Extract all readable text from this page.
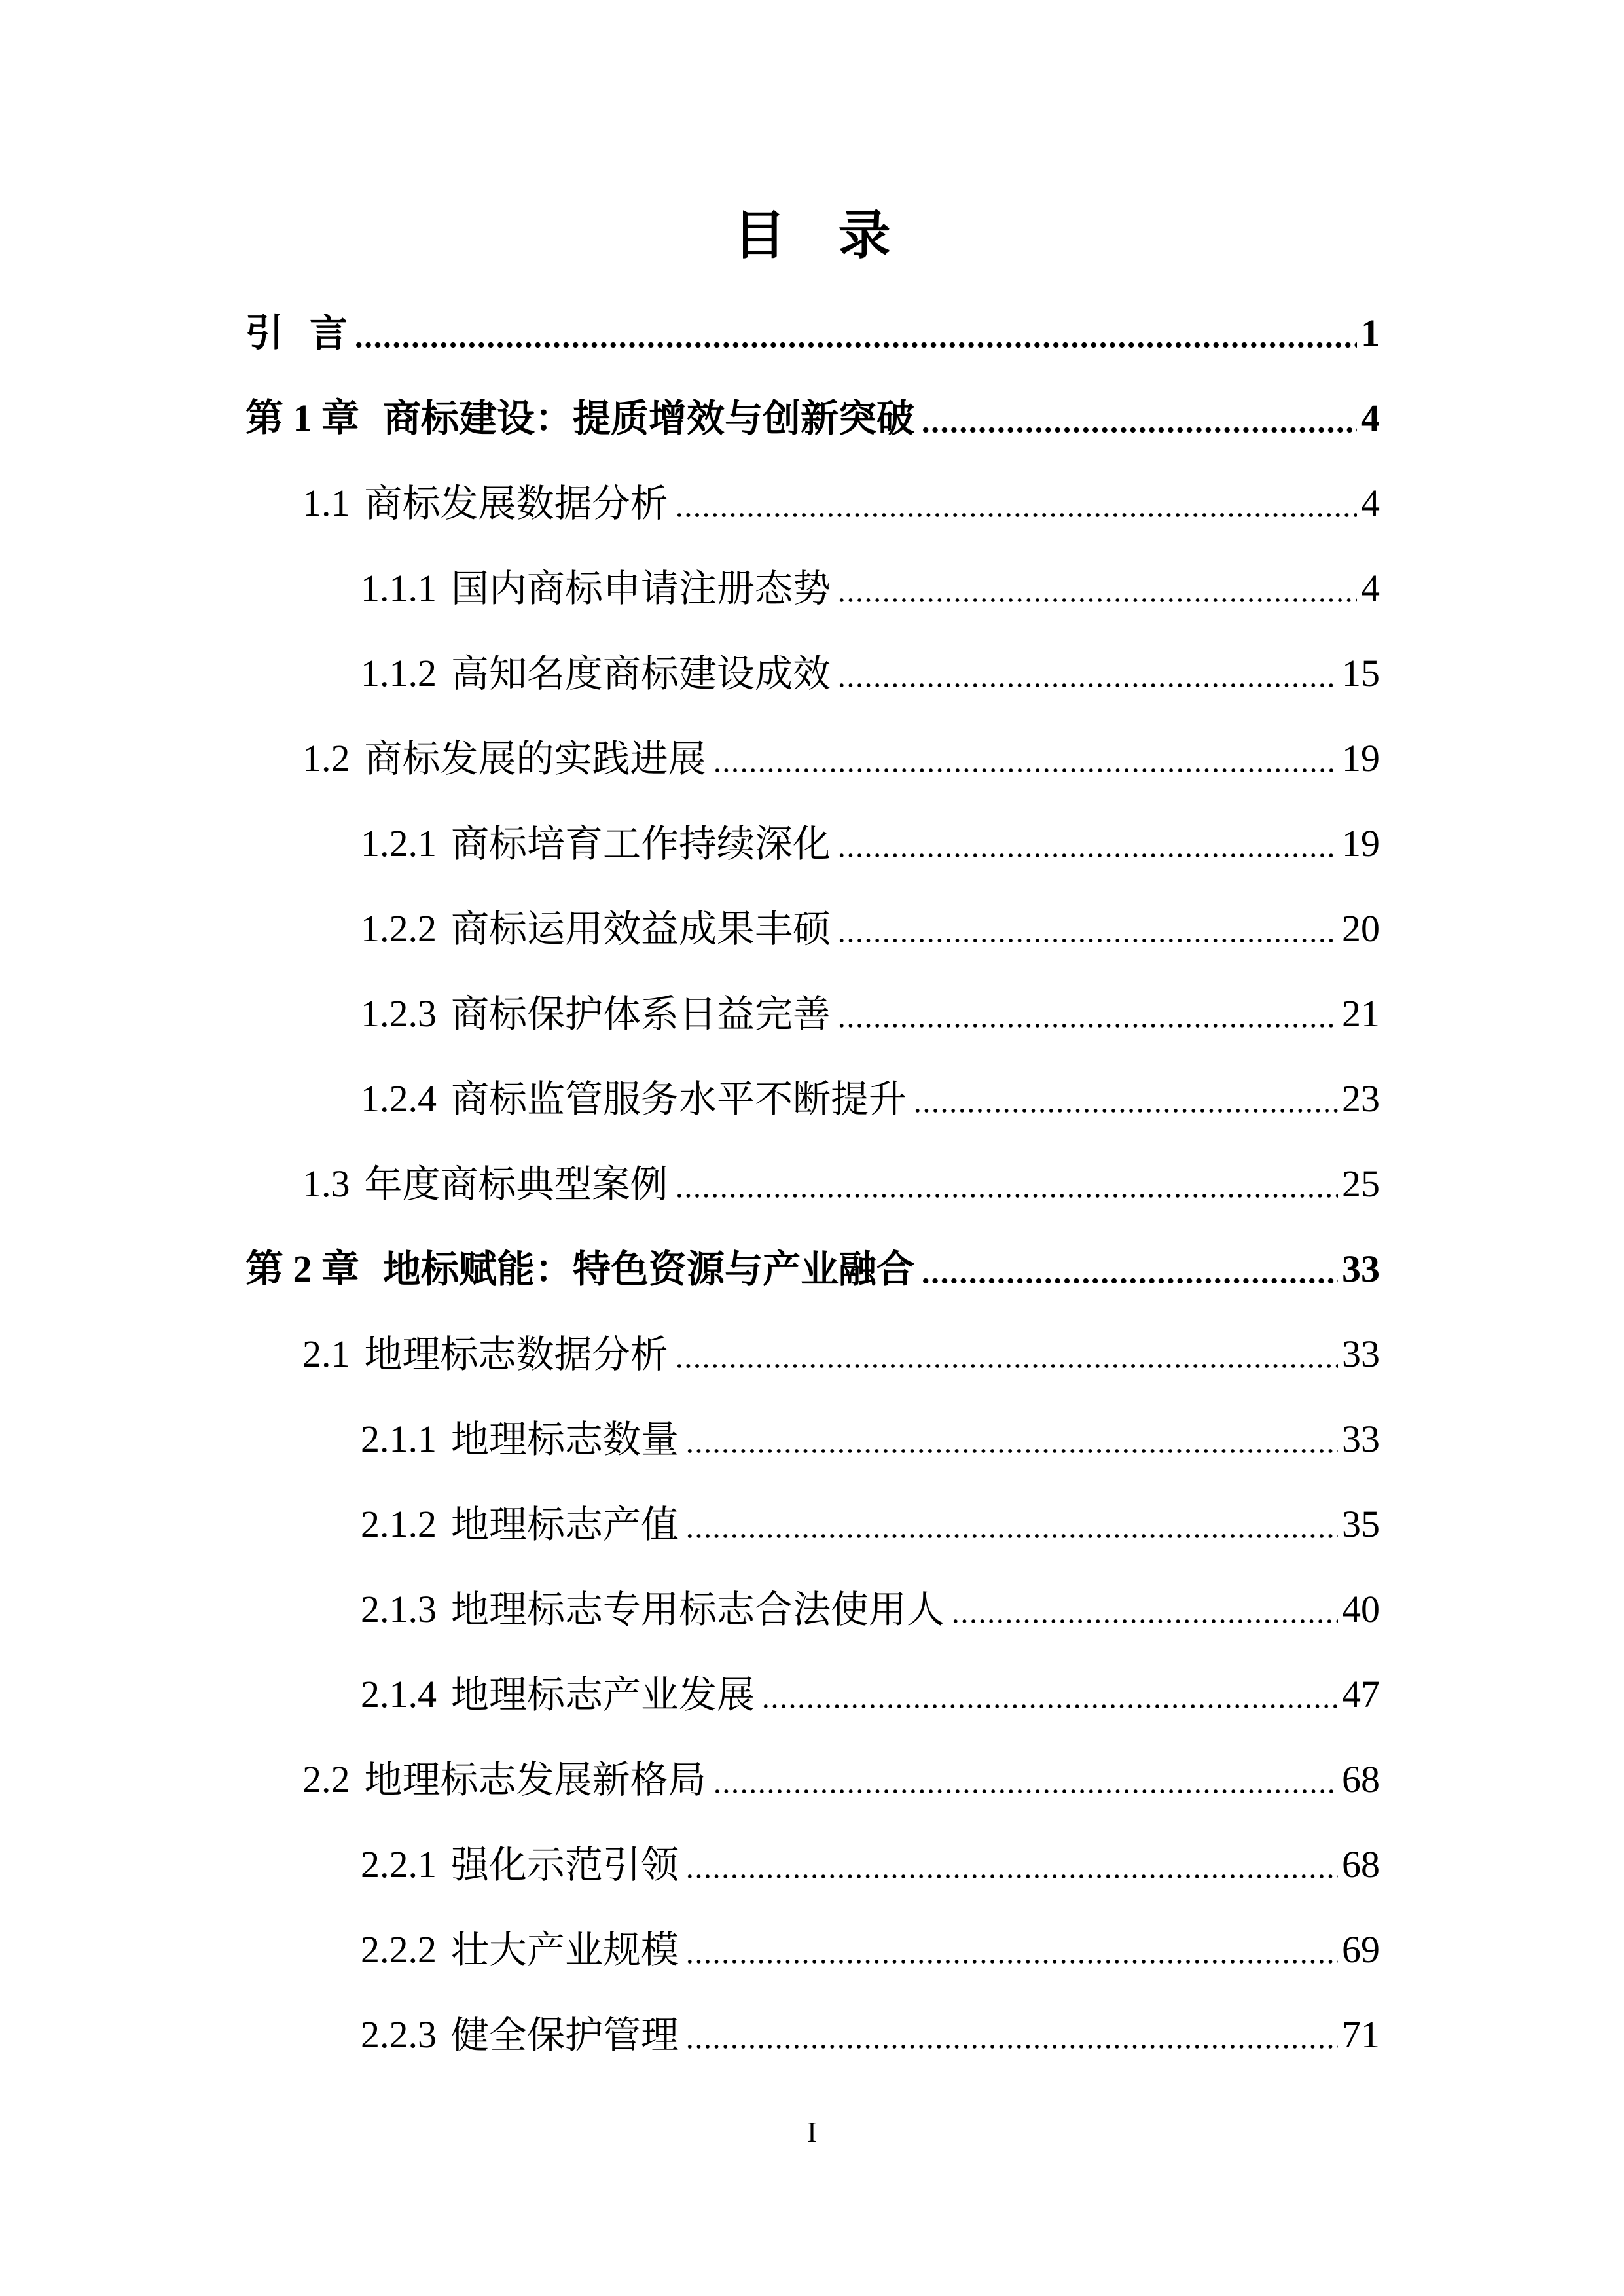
目　录
引 言	1
第 1 章 商标建设：提质增效与创新突破	4
1.1 商标发展数据分析	4
1.1.1 国内商标申请注册态势	4
1.1.2 高知名度商标建设成效	15
1.2 商标发展的实践进展	19
1.2.1 商标培育工作持续深化	19
1.2.2 商标运用效益成果丰硕	20
1.2.3 商标保护体系日益完善	21
1.2.4 商标监管服务水平不断提升	23
1.3 年度商标典型案例	25
第 2 章 地标赋能：特色资源与产业融合	33
2.1 地理标志数据分析	33
2.1.1 地理标志数量	33
2.1.2 地理标志产值	35
2.1.3 地理标志专用标志合法使用人	40
2.1.4 地理标志产业发展	47
2.2 地理标志发展新格局	68
2.2.1 强化示范引领	68
2.2.2 壮大产业规模	69
2.2.3 健全保护管理	71
I
